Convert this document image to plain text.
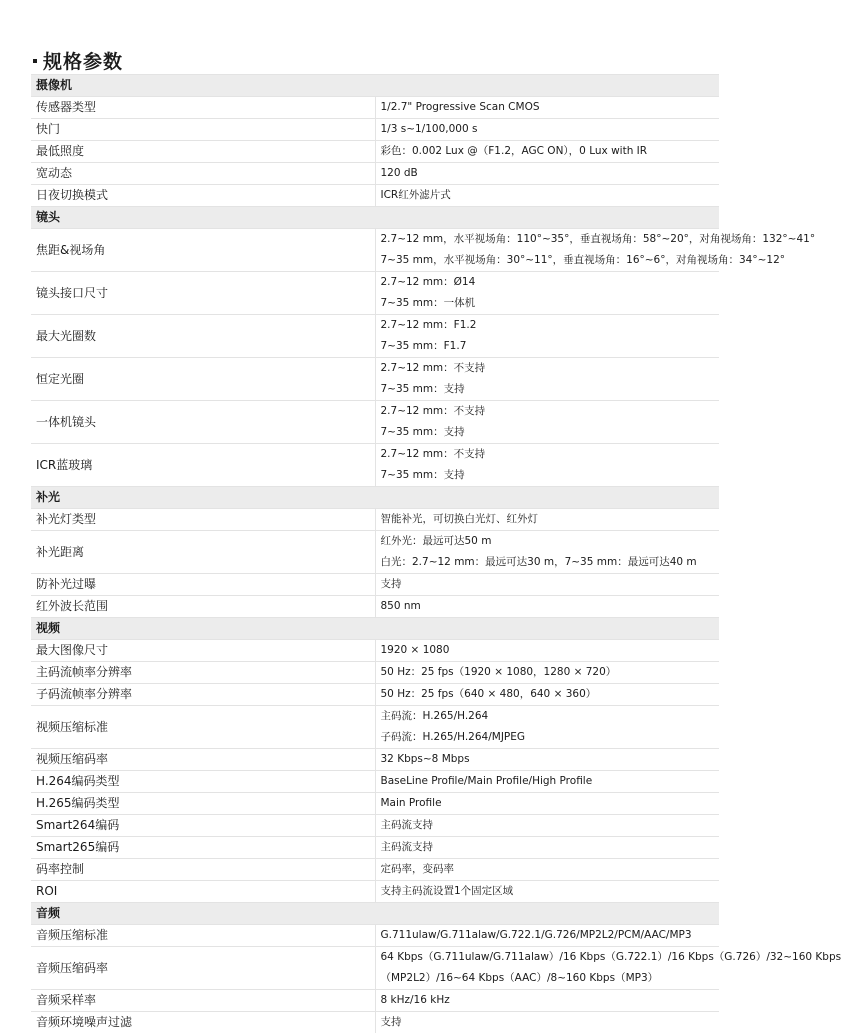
规格参数
摄像机	
传感器类型	1/2.7" Progressive Scan CMOS

快门	1/3 s~1/100,000 s

最低照度	彩色：0.002 Lux @（F1.2，AGC ON），0 Lux with IR

宽动态	120 dB

日夜切换模式	ICR红外滤片式

镜头	
焦距&视场角	2.7~12 mm，水平视场角：110°~35°，垂直视场角：58°~20°，对角视场角：132°~41°
7~35 mm，水平视场角：30°~11°，垂直视场角：16°~6°，对角视场角：34°~12°

镜头接口尺寸	2.7~12 mm：Ø14
7~35 mm：一体机

最大光圈数	2.7~12 mm：F1.2
7~35 mm：F1.7

恒定光圈	2.7~12 mm：不支持
7~35 mm：支持

一体机镜头	2.7~12 mm：不支持
7~35 mm：支持

ICR蓝玻璃	2.7~12 mm：不支持
7~35 mm：支持

补光	
补光灯类型	智能补光，可切换白光灯、红外灯

补光距离	红外光：最远可达50 m
白光：2.7~12 mm：最远可达30 m，7~35 mm：最远可达40 m

防补光过曝	支持

红外波长范围	850 nm

视频	
最大图像尺寸	1920 × 1080

主码流帧率分辨率	50 Hz：25 fps（1920 × 1080，1280 × 720）

子码流帧率分辨率	50 Hz：25 fps（640 × 480，640 × 360）

视频压缩标准	主码流：H.265/H.264
子码流：H.265/H.264/MJPEG

视频压缩码率	32 Kbps~8 Mbps

H.264编码类型	BaseLine Profile/Main Profile/High Profile

H.265编码类型	Main Profile

Smart264编码	主码流支持

Smart265编码	主码流支持

码率控制	定码率，变码率

ROI	支持主码流设置1个固定区域

音频	
音频压缩标准	G.711ulaw/G.711alaw/G.722.1/G.726/MP2L2/PCM/AAC/MP3

音频压缩码率	64 Kbps（G.711ulaw/G.711alaw）/16 Kbps（G.722.1）/16 Kbps（G.726）/32~160 Kbps
（MP2L2）/16~64 Kbps（AAC）/8~160 Kbps（MP3）

音频采样率	8 kHz/16 kHz

音频环境噪声过滤	支持
